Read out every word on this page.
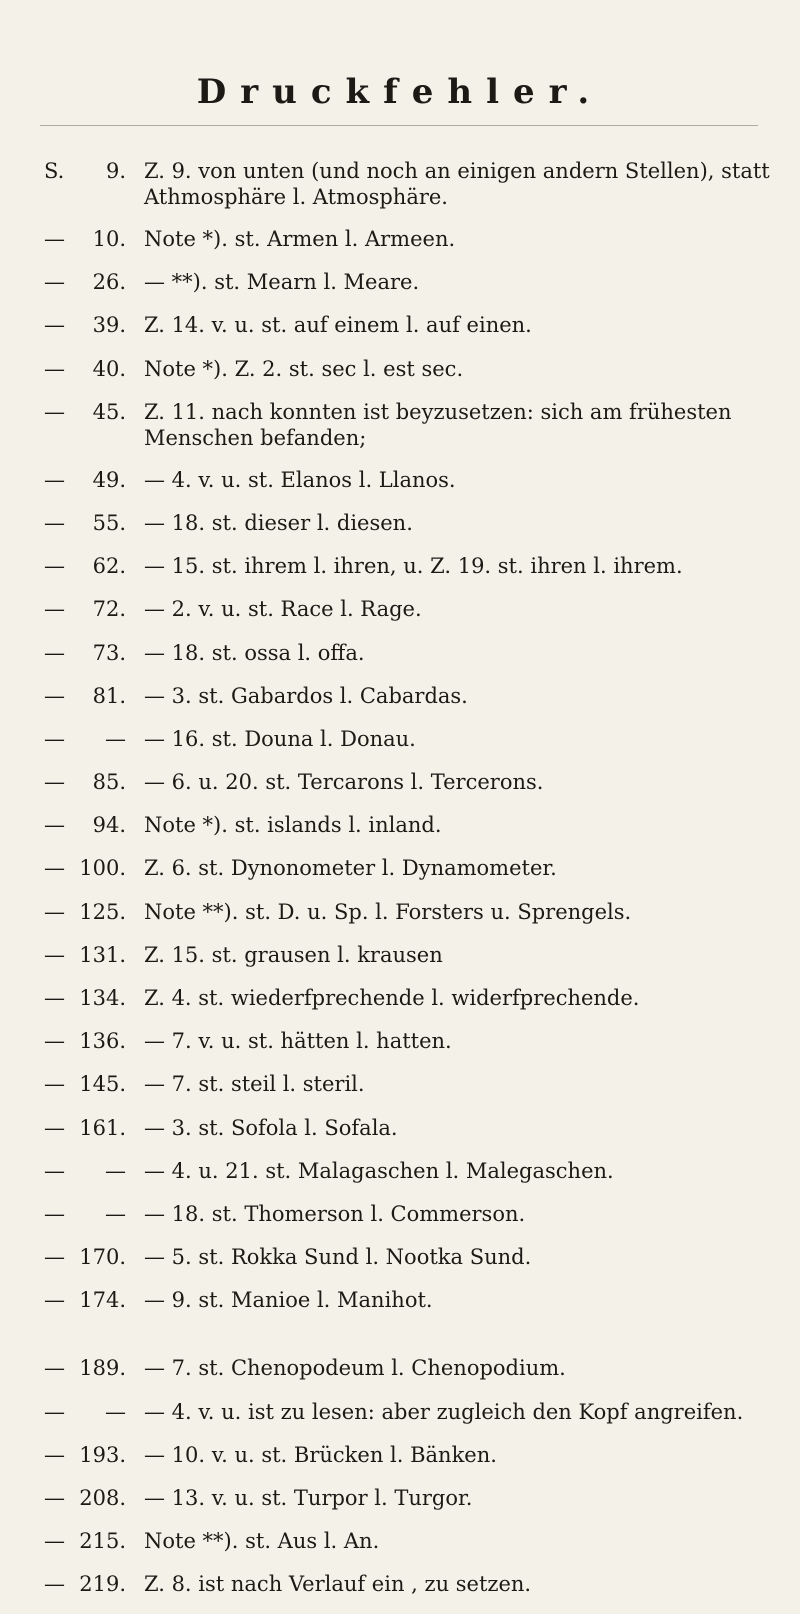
Druckfehler.
S.	9. Z. 9. von unten (und noch an einigen andern Stellen), statt Athmosphäre l. Atmosphäre.
—	10. Note *). st. Armen l. Armeen.
—	26. — **). st. Mearn l. Meare.
—	39. Z. 14. v. u. st. auf einem l. auf einen.
—	40. Note *). Z. 2. st. sec l. est sec.
—	45. Z. 11. nach konnten ist beyzusetzen: sich am frühesten Menschen befanden;
—	49. — 4. v. u. st. Elanos l. Llanos.
—	55. — 18. st. dieser l. diesen.
—	62. — 15. st. ihrem l. ihren, u. Z. 19. st. ihren l. ihrem.
—	72. — 2. v. u. st. Race l. Rage.
—	73. — 18. st. ossa l. offa.
—	81. — 3. st. Gabardos l. Cabardas.
—	— — 16. st. Douna l. Donau.
—	85. — 6. u. 20. st. Tercarons l. Tercerons.
—	94. Note *). st. islands l. inland.
— 100. Z. 6. st. Dynonometer l. Dynamometer.
— 125. Note **). st. D. u. Sp. l. Forsters u. Sprengels.
— 131. Z. 15. st. grausen l. krausen
— 134. Z. 4. st. wiederfprechende l. widerfprechende.
— 136. — 7. v. u. st. hätten l. hatten.
— 145. — 7. st. steil l. steril.
— 161. — 3. st. Sofola l. Sofala.
—	— — 4. u. 21. st. Malagaschen l. Malegaschen.
—	— — 18. st. Thomerson l. Commerson.
— 170. — 5. st. Rokka Sund l. Nootka Sund.
— 174. — 9. st. Manioe l. Manihot.
— 189. — 7. st. Chenopodeum l. Chenopodium.
—	— — 4. v. u. ist zu lesen: aber zugleich den Kopf angreifen.
— 193. — 10. v. u. st. Brücken l. Bänken.
— 208. — 13. v. u. st. Turpor l. Turgor.
— 215. Note **). st. Aus l. An.
— 219. Z. 8. ist nach Verlauf ein , zu setzen.
